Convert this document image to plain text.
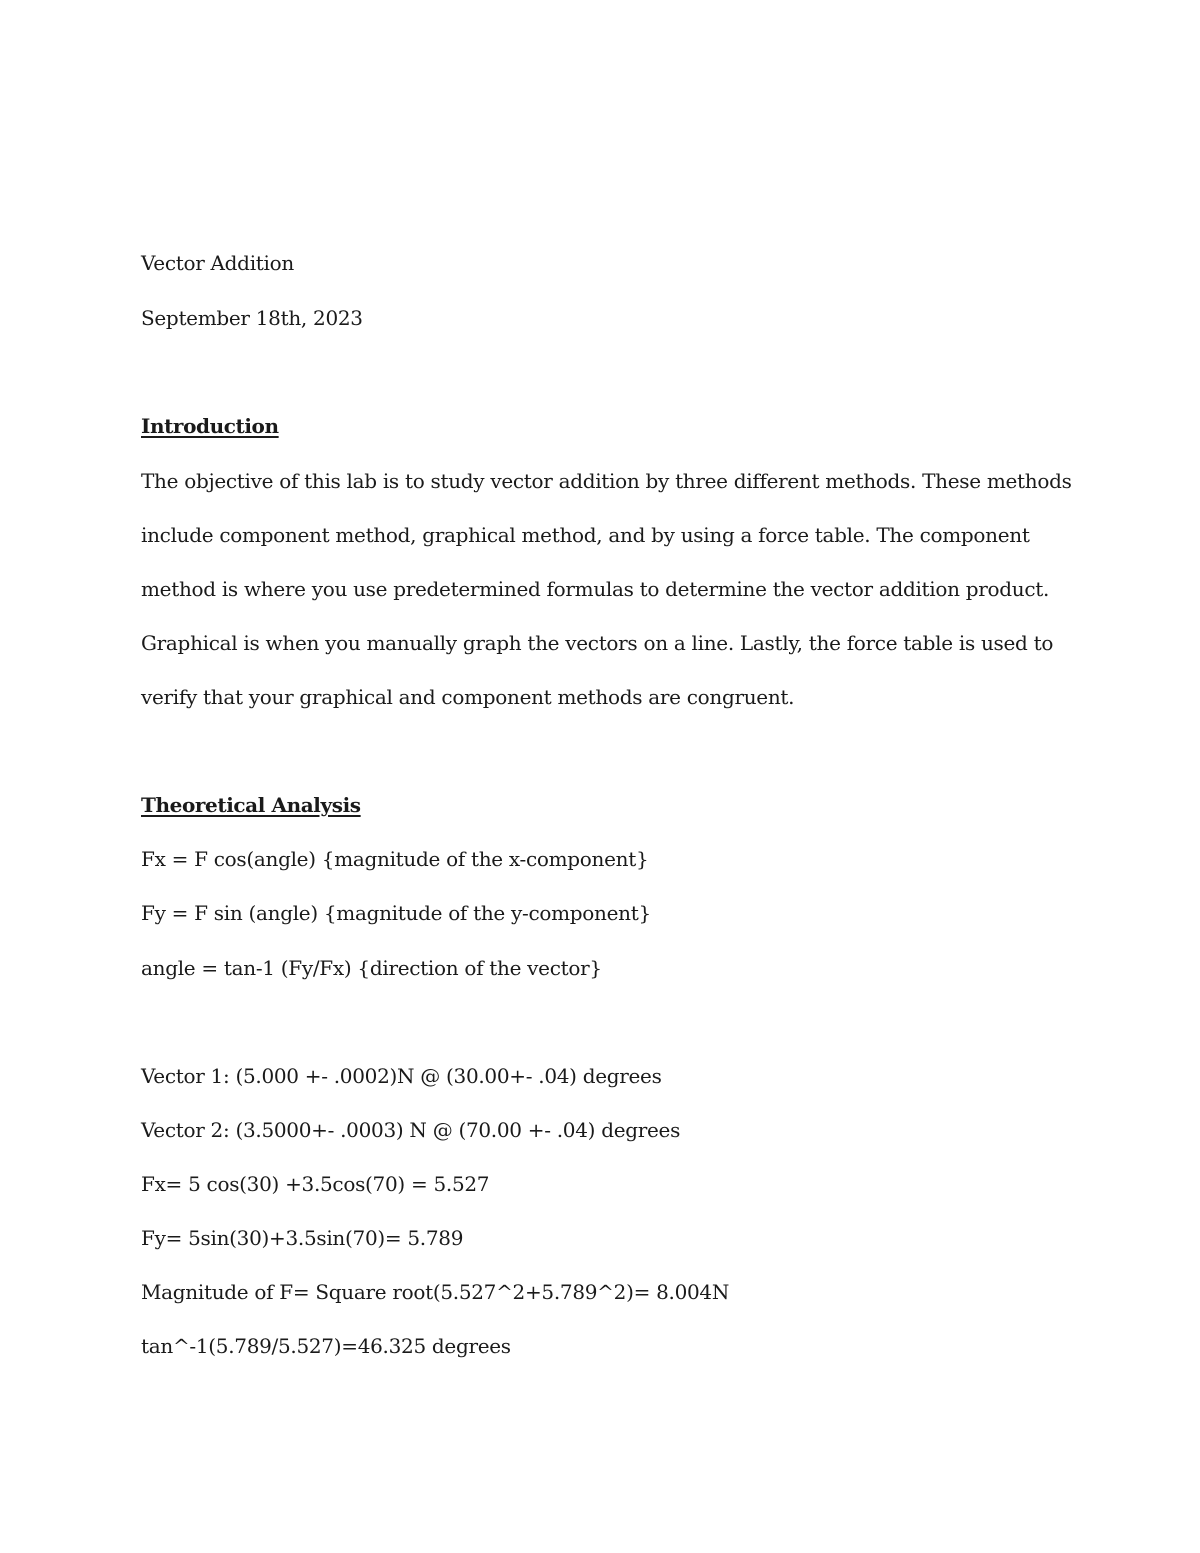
Vector Addition
September 18th, 2023
Introduction
The objective of this lab is to study vector addition by three different methods. These methods
include component method, graphical method, and by using a force table. The component
method is where you use predetermined formulas to determine the vector addition product.
Graphical is when you manually graph the vectors on a line. Lastly, the force table is used to
verify that your graphical and component methods are congruent.
Theoretical Analysis
Fx = F cos(angle) {magnitude of the x-component}
Fy = F sin (angle) {magnitude of the y-component}
angle = tan-1 (Fy/Fx) {direction of the vector}
Vector 1: (5.000 +- .0002)N @ (30.00+- .04) degrees
Vector 2: (3.5000+- .0003) N @ (70.00 +- .04) degrees
Fx= 5 cos(30) +3.5cos(70) = 5.527
Fy= 5sin(30)+3.5sin(70)= 5.789
Magnitude of F= Square root(5.527^2+5.789^2)= 8.004N
tan^-1(5.789/5.527)=46.325 degrees
